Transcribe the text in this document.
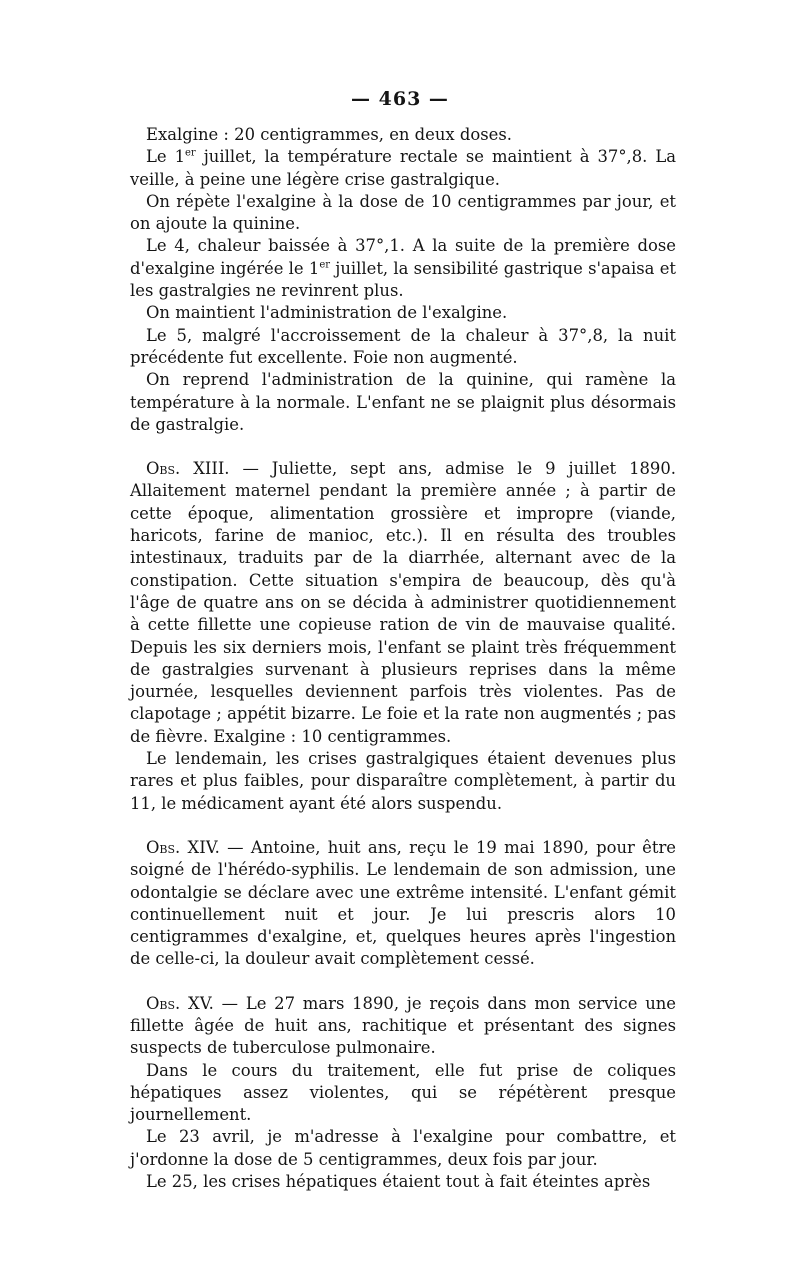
— 463 —

Exalgine : 20 centigrammes, en deux doses.

Le 1er juillet, la température rectale se maintient à 37°,8. La veille, à peine une légère crise gastralgique.

On répète l'exalgine à la dose de 10 centigrammes par jour, et on ajoute la quinine.

Le 4, chaleur baissée à 37°,1. A la suite de la première dose d'exalgine ingérée le 1er juillet, la sensibilité gastrique s'apaisa et les gastralgies ne revinrent plus.

On maintient l'administration de l'exalgine.

Le 5, malgré l'accroissement de la chaleur à 37°,8, la nuit précédente fut excellente. Foie non augmenté.

On reprend l'administration de la quinine, qui ramène la température à la normale. L'enfant ne se plaignit plus désormais de gastralgie.

Obs. XIII. — Juliette, sept ans, admise le 9 juillet 1890. Allaitement maternel pendant la première année ; à partir de cette époque, alimentation grossière et impropre (viande, haricots, farine de manioc, etc.). Il en résulta des troubles intestinaux, traduits par de la diarrhée, alternant avec de la constipation. Cette situation s'empira de beaucoup, dès qu'à l'âge de quatre ans on se décida à administrer quotidiennement à cette fillette une copieuse ration de vin de mauvaise qualité. Depuis les six derniers mois, l'enfant se plaint très fréquemment de gastralgies survenant à plusieurs reprises dans la même journée, lesquelles deviennent parfois très violentes. Pas de clapotage ; appétit bizarre. Le foie et la rate non augmentés ; pas de fièvre. Exalgine : 10 centigrammes.

Le lendemain, les crises gastralgiques étaient devenues plus rares et plus faibles, pour disparaître complètement, à partir du 11, le médicament ayant été alors suspendu.

Obs. XIV. — Antoine, huit ans, reçu le 19 mai 1890, pour être soigné de l'hérédo-syphilis. Le lendemain de son admission, une odontalgie se déclare avec une extrême intensité. L'enfant gémit continuellement nuit et jour. Je lui prescris alors 10 centigrammes d'exalgine, et, quelques heures après l'ingestion de celle-ci, la douleur avait complètement cessé.

Obs. XV. — Le 27 mars 1890, je reçois dans mon service une fillette âgée de huit ans, rachitique et présentant des signes suspects de tuberculose pulmonaire.

Dans le cours du traitement, elle fut prise de coliques hépatiques assez violentes, qui se répétèrent presque journellement.

Le 23 avril, je m'adresse à l'exalgine pour combattre, et j'ordonne la dose de 5 centigrammes, deux fois par jour.

Le 25, les crises hépatiques étaient tout à fait éteintes après
